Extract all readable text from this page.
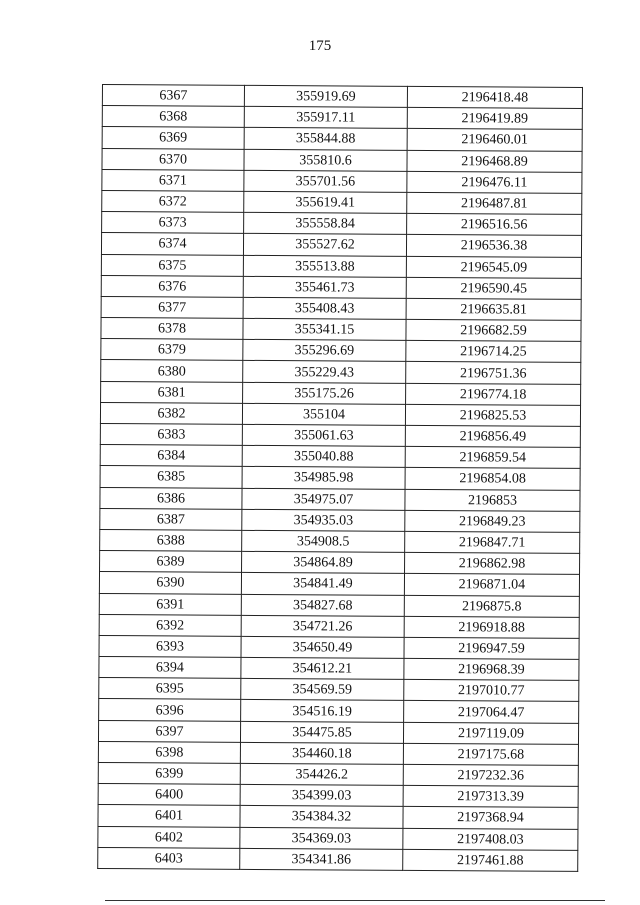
175
6367	355919.69	2196418.48
6368	355917.11	2196419.89
6369	355844.88	2196460.01
6370	355810.6	2196468.89
6371	355701.56	2196476.11
6372	355619.41	2196487.81
6373	355558.84	2196516.56
6374	355527.62	2196536.38
6375	355513.88	2196545.09
6376	355461.73	2196590.45
6377	355408.43	2196635.81
6378	355341.15	2196682.59
6379	355296.69	2196714.25
6380	355229.43	2196751.36
6381	355175.26	2196774.18
6382	355104	2196825.53
6383	355061.63	2196856.49
6384	355040.88	2196859.54
6385	354985.98	2196854.08
6386	354975.07	2196853
6387	354935.03	2196849.23
6388	354908.5	2196847.71
6389	354864.89	2196862.98
6390	354841.49	2196871.04
6391	354827.68	2196875.8
6392	354721.26	2196918.88
6393	354650.49	2196947.59
6394	354612.21	2196968.39
6395	354569.59	2197010.77
6396	354516.19	2197064.47
6397	354475.85	2197119.09
6398	354460.18	2197175.68
6399	354426.2	2197232.36
6400	354399.03	2197313.39
6401	354384.32	2197368.94
6402	354369.03	2197408.03
6403	354341.86	2197461.88
